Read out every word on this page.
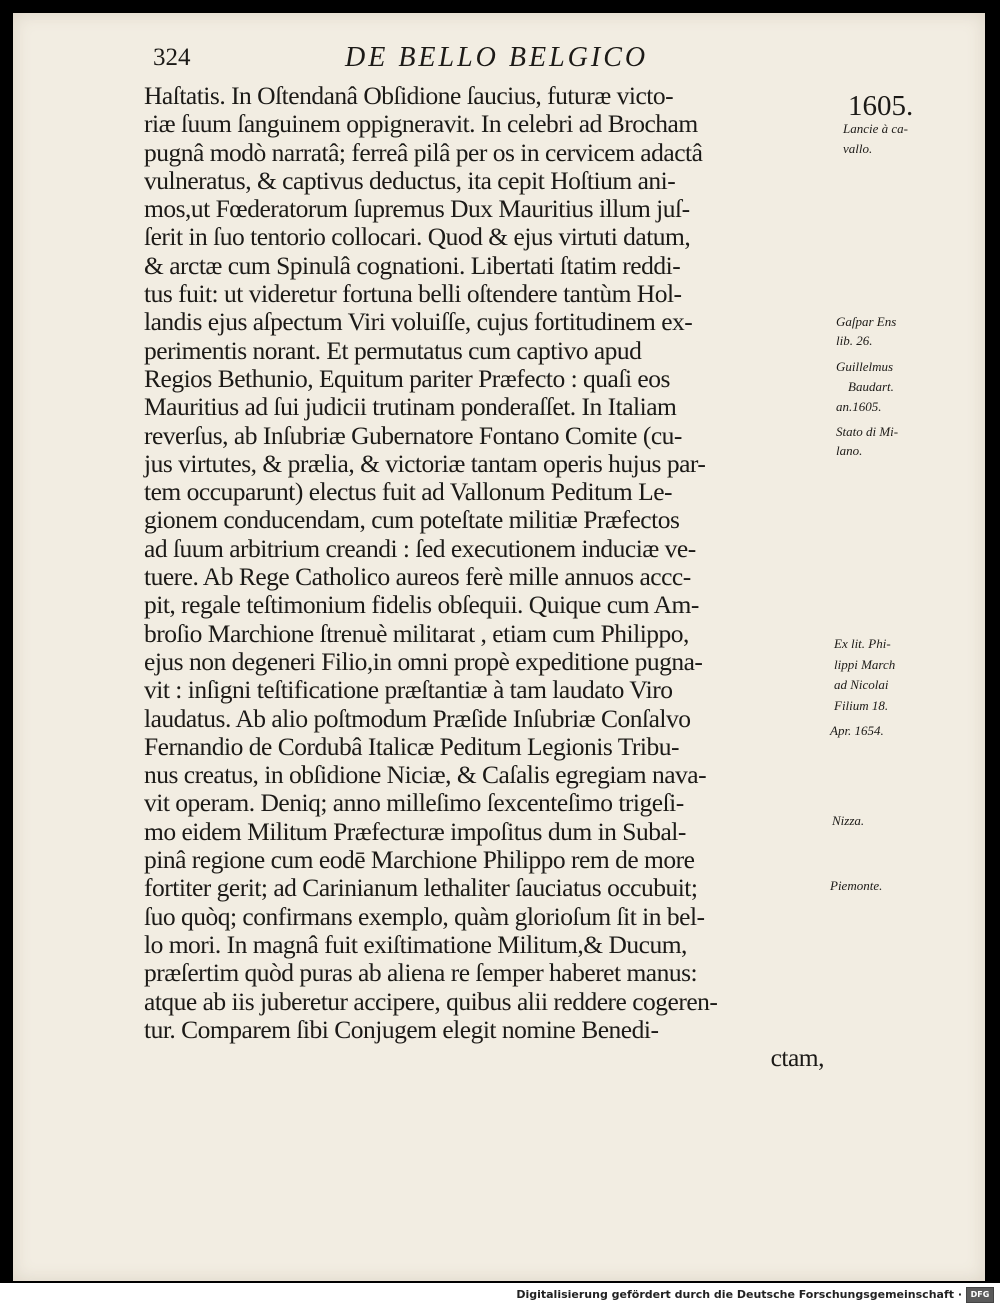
324	DE BELLO BELGICO
1605.
Haſtatis. In Oſtendanâ Obſidione ſaucius, futuræ victo-
riæ ſuum ſanguinem oppigneravit. In celebri ad Brocham
pugnâ modò narratâ; ferreâ pilâ per os in cervicem adactâ
vulneratus, & captivus deductus, ita cepit Hoſtium ani-
mos,ut Fœderatorum ſupremus Dux Mauritius illum juſ-
ſerit in ſuo tentorio collocari. Quod & ejus virtuti datum,
& arctæ cum Spinulâ cognationi. Libertati ſtatim reddi-
tus fuit: ut videretur fortuna belli oſtendere tantùm Hol-
landis ejus aſpectum Viri voluiſſe, cujus fortitudinem ex-
perimentis norant. Et permutatus cum captivo apud
Regios Bethunio, Equitum pariter Præfecto : quaſi eos
Mauritius ad ſui judicii trutinam ponderaſſet. In Italiam
reverſus, ab Inſubriæ Gubernatore Fontano Comite (cu-
jus virtutes, & prælia, & victoriæ tantam operis hujus par-
tem occuparunt) electus fuit ad Vallonum Peditum Le-
gionem conducendam, cum poteſtate militiæ Præfectos
ad ſuum arbitrium creandi : ſed executionem induciæ ve-
tuere. Ab Rege Catholico aureos ferè mille annuos accc-
pit, regale teſtimonium fidelis obſequii. Quique cum Am-
broſio Marchione ſtrenuè militarat , etiam cum Philippo,
ejus non degeneri Filio,in omni propè expeditione pugna-
vit : inſigni teſtificatione præſtantiæ à tam laudato Viro
laudatus. Ab alio poſtmodum Præſide Inſubriæ Conſalvo
Fernandio de Cordubâ Italicæ Peditum Legionis Tribu-
nus creatus, in obſidione Niciæ, & Caſalis egregiam nava-
vit operam. Deniq; anno milleſimo ſexcenteſimo trigeſi-
mo eidem Militum Præfecturæ impoſitus dum in Subal-
pinâ regione cum eodē Marchione Philippo rem de more
fortiter gerit; ad Carinianum lethaliter ſauciatus occubuit;
ſuo quòq; confirmans exemplo, quàm glorioſum ſit in bel-
lo mori. In magnâ fuit exiſtimatione Militum,& Ducum,
præſertim quòd puras ab aliena re ſemper haberet manus:
atque ab iis juberetur accipere, quibus alii reddere cogeren-
tur. Comparem ſibi Conjugem elegit nomine Benedi-
ctam,
Lancie à ca-
vallo.
Gaſpar Ens
lib. 26.
Guillelmus
Baudart.
an.1605.
Stato di Mi-
lano.
Ex lit. Phi-
lippi March
ad Nicolai
Filium 18.
Apr. 1654.
Nizza.
Piemonte.
Digitalisierung gefördert durch die Deutsche Forschungsgemeinschaft ·	DFG
